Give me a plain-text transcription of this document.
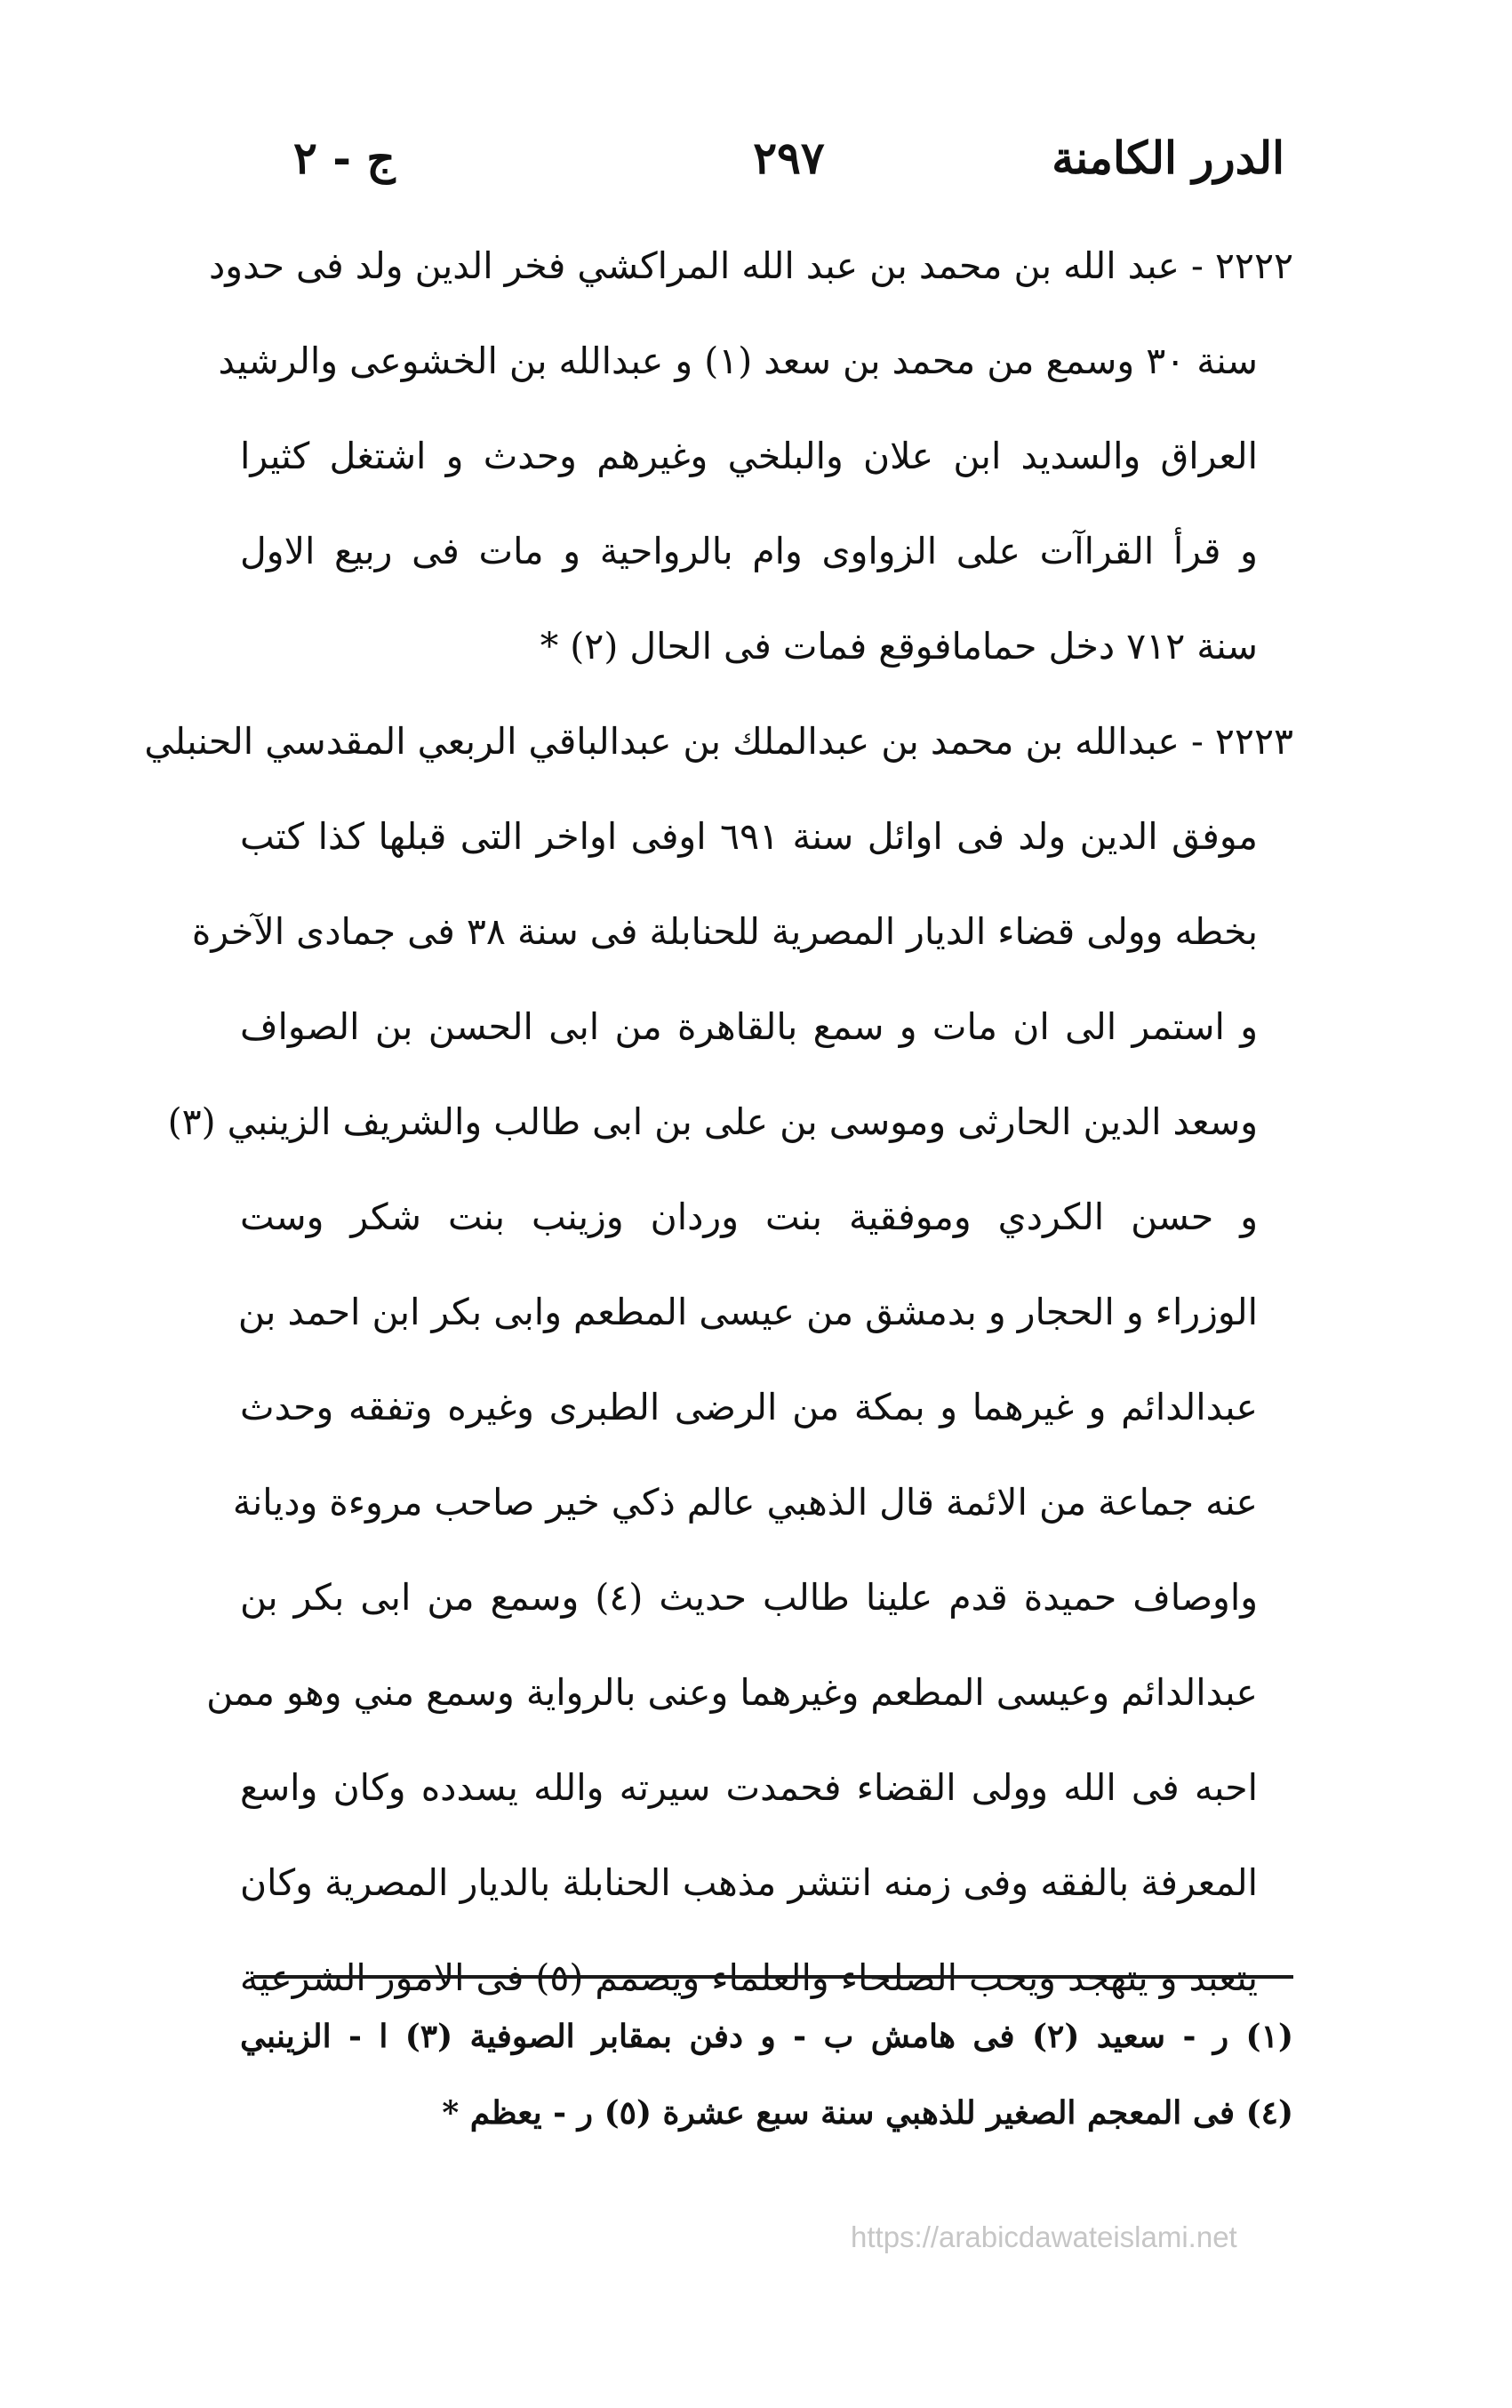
الدرر الكامنة
٢٩٧
ج - ٢
٢٢٢٢ - عبد الله بن محمد بن عبد الله المراكشي فخر الدين ولد فى حدود
سنة ٣٠ وسمع من محمد بن سعد (١) و عبدالله بن الخشوعى والرشيد
العراق والسديد ابن علان والبلخي وغيرهم وحدث و اشتغل كثيرا
و قرأ القراآت على الزواوى وام بالرواحية و مات فى ربيع الاول
سنة ٧١٢ دخل حمامافوقع فمات فى الحال (٢) *
٢٢٢٣ - عبدالله بن محمد بن عبدالملك بن عبدالباقي الربعي المقدسي الحنبلي
موفق الدين ولد فى اوائل سنة ٦٩١ اوفى اواخر التى قبلها كذا كتب
بخطه وولى قضاء الديار المصرية للحنابلة فى سنة ٣٨ فى جمادى الآخرة
و استمر الى ان مات و سمع بالقاهرة من ابى الحسن بن الصواف
وسعد الدين الحارثى وموسى بن على بن ابى طالب والشريف الزينبي (٣)
و حسن الكردي وموفقية بنت وردان وزينب بنت شكر وست
الوزراء و الحجار و بدمشق من عيسى المطعم وابى بكر ابن احمد بن
عبدالدائم و غيرهما و بمكة من الرضى الطبرى وغيره وتفقه وحدث
عنه جماعة من الائمة قال الذهبي عالم ذكي خير صاحب مروءة وديانة
واوصاف حميدة قدم علينا طالب حديث (٤) وسمع من ابى بكر بن
عبدالدائم وعيسى المطعم وغيرهما وعنى بالرواية وسمع مني وهو ممن
احبه فى الله وولى القضاء فحمدت سيرته والله يسدده وكان واسع
المعرفة بالفقه وفى زمنه انتشر مذهب الحنابلة بالديار المصرية وكان
يتعبد و يتهجد ويحب الصلحاء والعلماء ويصمم (٥) فى الامور الشرعية
(١) ر - سعيد (٢) فى هامش ب - و دفن بمقابر الصوفية (٣) ا - الزينبي
(٤) فى المعجم الصغير للذهبي سنة سبع عشرة (٥) ر - يعظم *
https://arabicdawateislami.net
